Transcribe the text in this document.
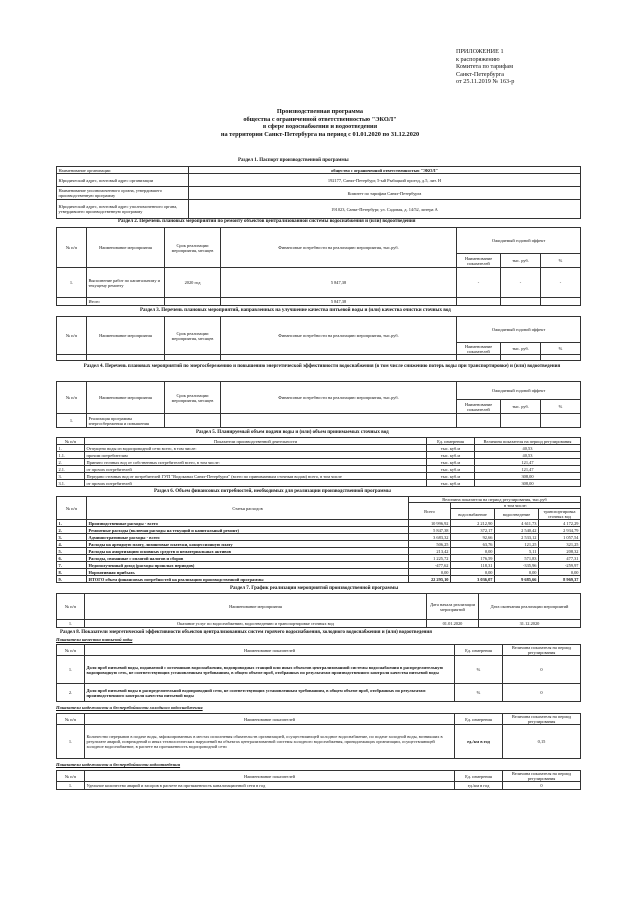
ПРИЛОЖЕНИЕ 1
к распоряжению
Комитета по тарифам
Санкт-Петербурга
от 25.11.2019 № 163-р
Производственная программа
общества с ограниченной ответственностью "ЭКОЛ"
в сфере водоснабжения и водоотведения
на территории Санкт-Петербурга на период с 01.01.2020 по 31.12.2020
Раздел 1. Паспорт производственной программы
Наименование организации	общество с ограниченной ответственностью "ЭКОЛ"
Юридический адрес, почтовый адрес организации	192177, Санкт-Петербург, 5-ый Рыбацкий проезд, д.5, лит. Н
Наименование уполномоченного органа, утвердившего производственную программу	Комитет по тарифам Санкт-Петербурга
Юридический адрес, почтовый адрес уполномоченного органа, утвердившего производственную программу	191023, Санкт-Петербург, ул. Садовая, д. 14/52, литера А
Раздел 2. Перечень плановых мероприятий по ремонту объектов централизованной системы водоснабжения и (или) водоотведения
№ п/п	Наименование мероприятия	Срок реализации мероприятия, месяцев	Финансовые потребности на реализацию мероприятия, тыс.руб.	Ожидаемый годовой эффект		
				Наименование показателей	тыс. руб.	%
1.	Выполнение работ по капитальному и текущему ремонту	2020 год	5 847,38	-	-	-
	Итого		5 847,38			
Раздел 3. Перечень плановых мероприятий, направленных на улучшение качества питьевой воды и (или) качества очистки сточных вод
№ п/п	Наименование мероприятия	Срок реализации мероприятия, месяцев	Финансовые потребности на реализацию мероприятия, тыс.руб.	Ожидаемый годовой эффект		
				Наименование показателей	тыс. руб.	%

Раздел 4. Перечень плановых мероприятий по энергосбережению и повышению энергетической эффективности водоснабжения (в том числе снижению потерь воды при транспортировке) и (или) водоотведения
№ п/п	Наименование мероприятия	Срок реализации мероприятия, месяцев	Финансовые потребности на реализацию мероприятия, тыс.руб.	Ожидаемый годовой эффект		
				Наименование показателей	тыс. руб.	%
1.	Реализация программы энергосбережения и повышения					
Раздел 5. Планируемый объем подачи воды и (или) объем принимаемых сточных вод
№ п/п	Показатели производственной деятельности	Ед. измерения	Величина показателя на период регулирования
1.	Отпущено воды из водопроводной сети всего, в том числе:	тыс. куб.м	40,53
1.1.	прочим потребителям	тыс. куб.м	40,53
2.	Принято сточных вод от собственных потребителей всего, в том числе:	тыс. куб.м	121,47
2.1.	от прочих потребителей	тыс. куб.м	121,47
3.	Передано сточных вод от потребителей ГУП "Водоканал Санкт-Петербурга" (всего по принимаемым сточным водам) всего, в том числе	тыс. куб.м	308,00
3.1.	от прочих потребителей	тыс. куб.м	308,00
Раздел 6. Объем финансовых потребностей, необходимых для реализации производственной программы
№ п/п	Статья расходов	Величина показателя на период регулирования, тыс.руб			
		Всего	в том числе:		
			водоснабжение	водоотведение	транспортировка сточных вод
1.	Производственные расходы - всего	10 996,92	2 212,90	4 611,73	4 172,29
2.	Ремонтные расходы (включая расходы на текущий и капитальный ремонт)	5 847,38	372,17	2 540,42	2 934,79
3.	Административные расходы - всего	3 683,32	92,66	2 533,12	1 057,54
4.	Расходы на арендную плату, лизинговые платежи, концессионную плату	506,25	63,76	121,25	321,25
5.	Расходы на амортизацию основных средств и нематериальных активов	213,42	0,00	5,11	208,32
6.	Расходы, связанные с оплатой налогов и сборов	1 225,72	176,59	571,83	477,31
7.	Недополученный доход (расходы прошлых периодов)	-477,62	118,31	-335,96	-259,97
8.	Нормативная прибыль	0,00	0,00	0,00	0,00
9.	ИТОГО объем финансовых потребностей на реализацию производственной программы	22 295,10	3 036,07	9 685,66	8 969,37
Раздел 7. График реализации мероприятий производственной программы
№ п/п	Наименование мероприятия	Дата начала реализации мероприятий	Дата окончания реализации мероприятий
1.	Оказание услуг по водоснабжению, водоотведению и транспортировке сточных вод	01.01.2020	31.12.2020
Раздел 8. Показатели энергетической эффективности объектов централизованных систем горячего водоснабжения, холодного водоснабжения и (или) водоотведения
Показатели качества питьевой воды
№ п/п	Наименование показателей	Ед. измерения	Величина показателя на период регулирования
1.	Доля проб питьевой воды, подаваемой с источников водоснабжения, водопроводных станций или иных объектов централизованной системы водоснабжения в распределительную водопроводную сеть, не соответствующих установленным требованиям, в общем объеме проб, отобранных по результатам производственного контроля качества питьевой воды	%	0
2.	Доля проб питьевой воды в распределительной водопроводной сети, не соответствующих установленным требованиям, в общем объеме проб, отобранных по результатам производственного контроля качества питьевой воды	%	0
Показатели надежности и бесперебойности холодного водоснабжения
№ п/п	Наименование показателей	Ед. измерения	Величина показателя на период регулирования
1.	Количество перерывов в подаче воды, зафиксированных в местах исполнения обязательств организацией, осуществляющей холодное водоснабжение, по подаче холодной воды, возникших в результате аварий, повреждений и иных технологических нарушений на объектах централизованной системы холодного водоснабжения, принадлежащих организации, осуществляющей холодное водоснабжение, в расчете на протяженность водопроводной сети	ед./км в год	0,15
Показатели надежности и бесперебойности водоотведения
№ п/п	Наименование показателей	Ед. измерения	Величина показателя на период регулирования
1.	Удельное количество аварий и засоров в расчете на протяженность канализационной сети в год	ед./км в год	0
